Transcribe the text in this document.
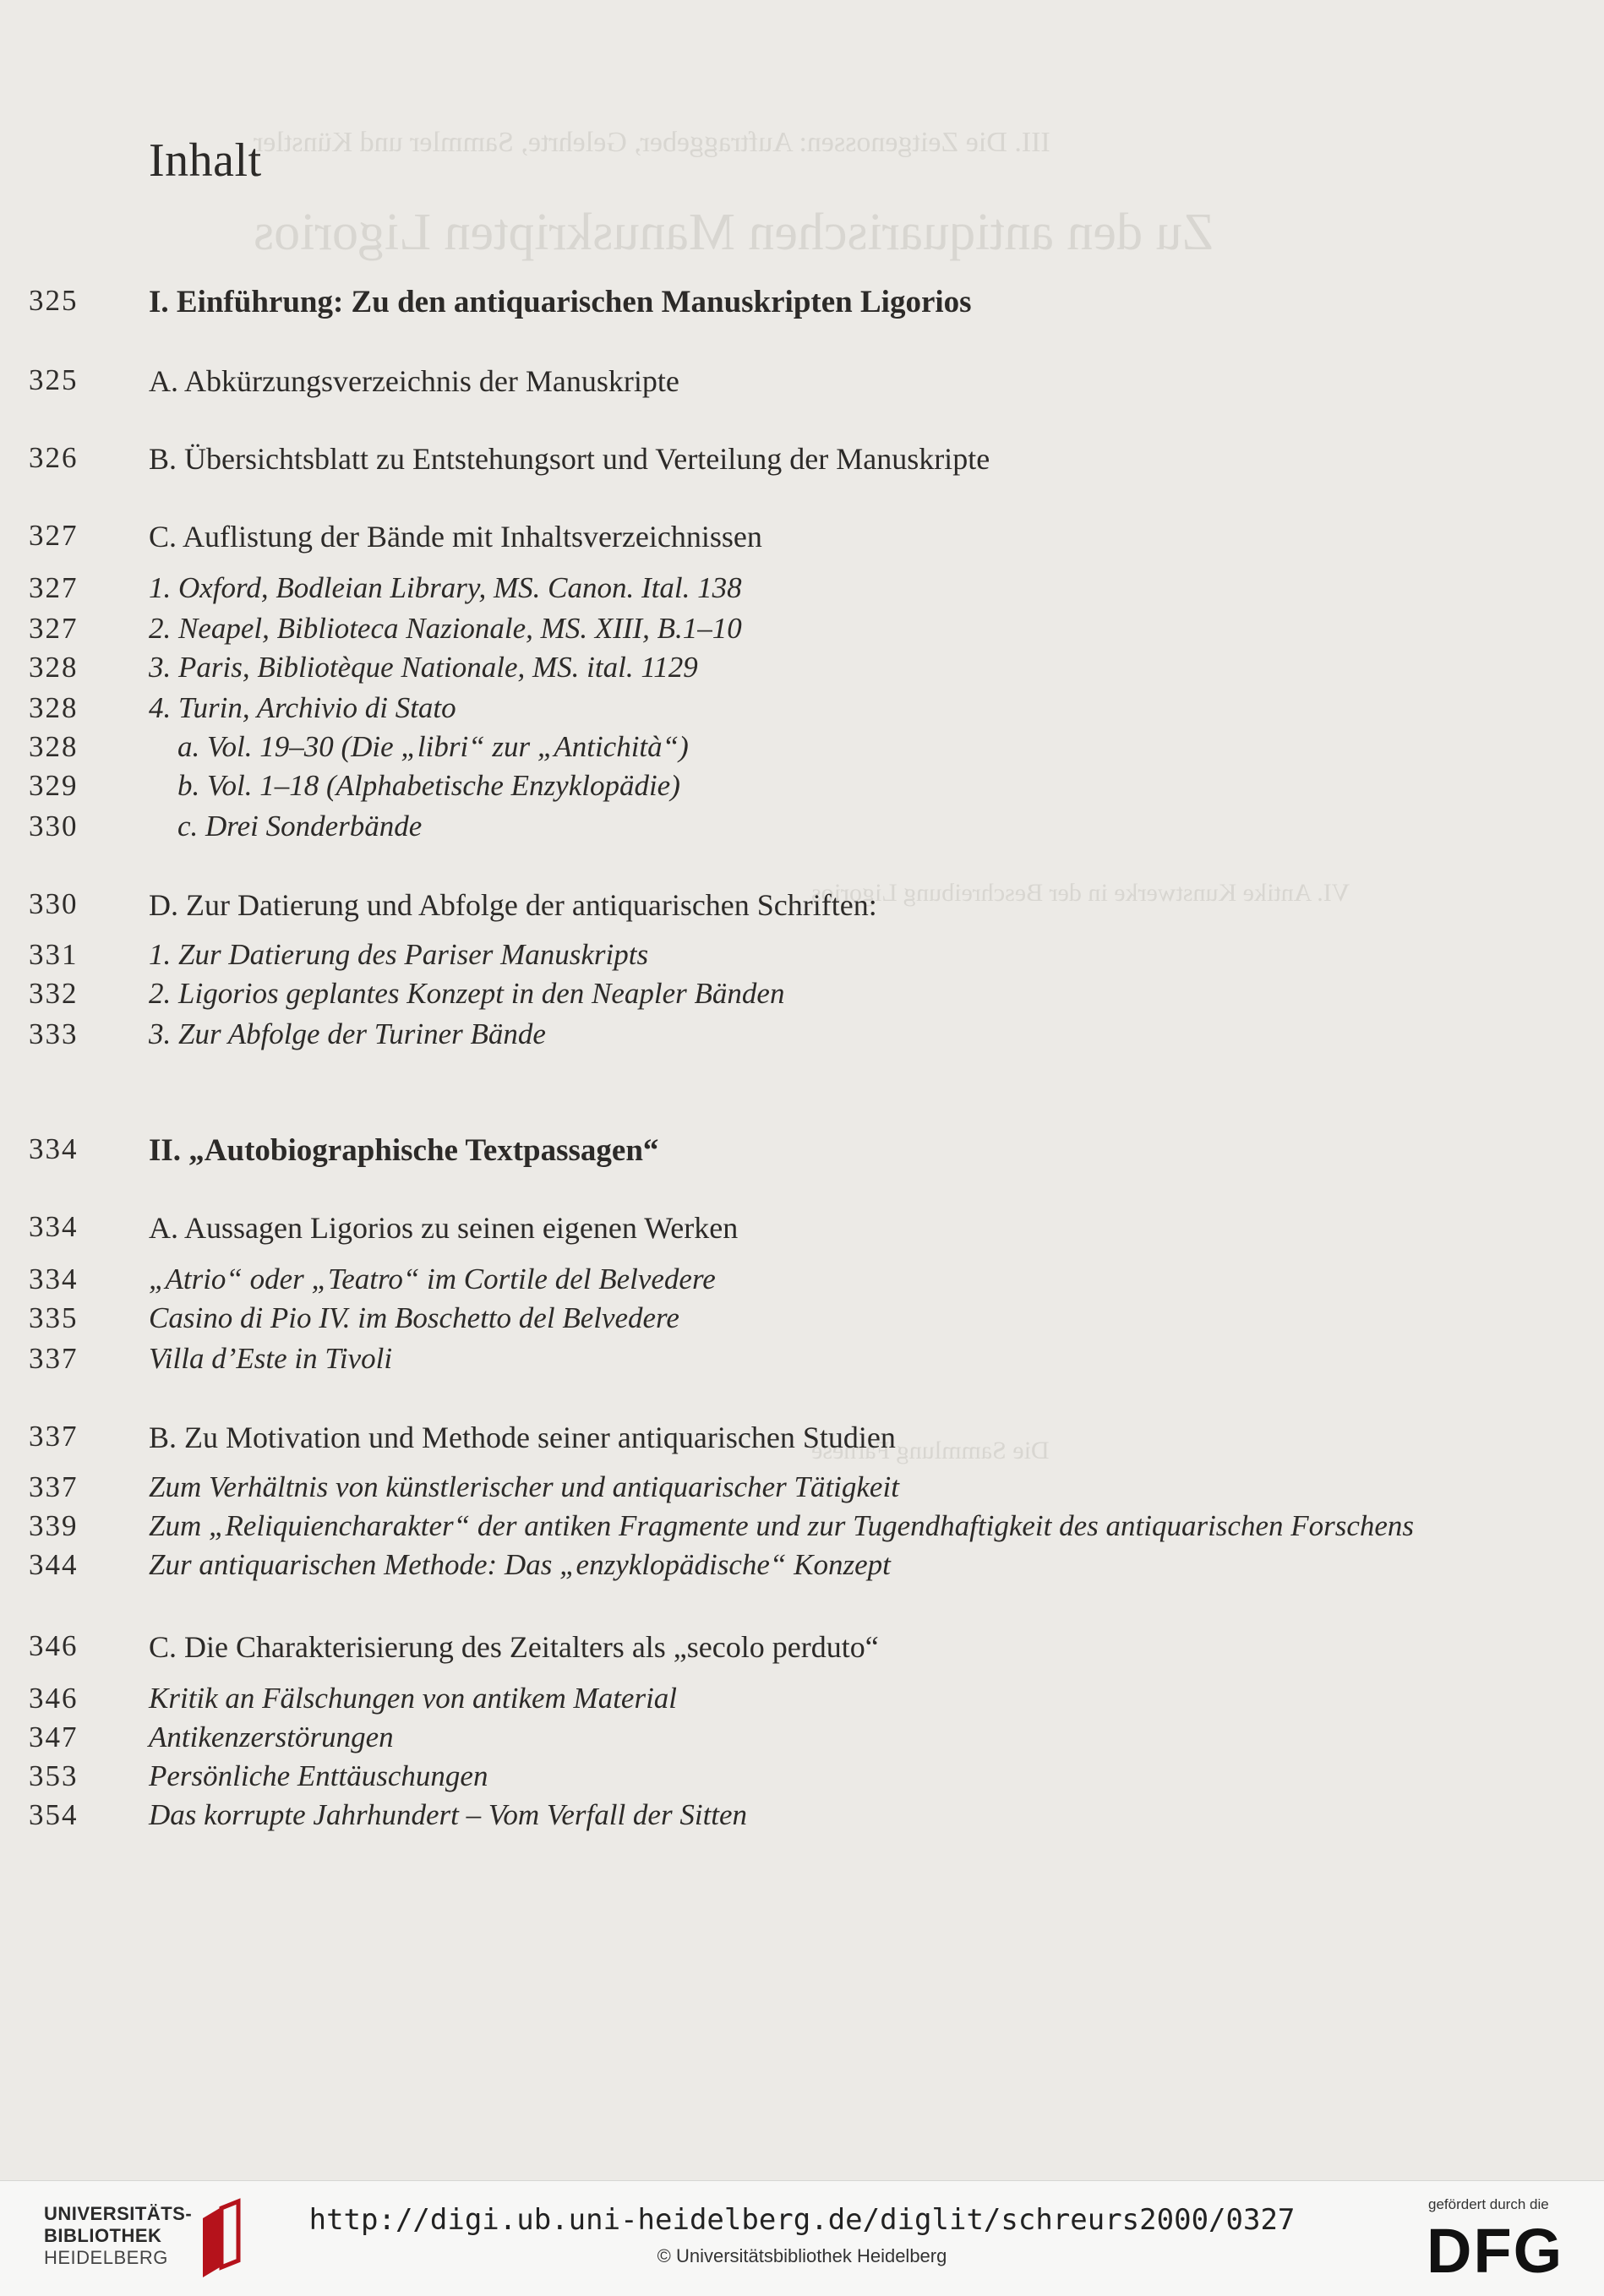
III. Die Zeitgenossen: Auftraggeber, Gelehrte, Sammler und Künstler
Zu den antiquarischen Manuskripten Ligorios
VI. Antike Kunstwerke in der Beschreibung Ligorios
Die Sammlung Farnese
Inhalt
325	I. Einführung: Zu den antiquarischen Manuskripten Ligorios
325	A. Abkürzungsverzeichnis der Manuskripte
326	B. Übersichtsblatt zu Entstehungsort und Verteilung der Manuskripte
327	C. Auflistung der Bände mit Inhaltsverzeichnissen
327	1. Oxford, Bodleian Library, MS. Canon. Ital. 138
327	2. Neapel, Biblioteca Nazionale, MS. XIII, B.1–10
328	3. Paris, Bibliotèque Nationale, MS. ital. 1129
328	4. Turin, Archivio di Stato
328	a. Vol. 19–30 (Die „libri“ zur „Antichità“)
329	b. Vol. 1–18 (Alphabetische Enzyklopädie)
330	c. Drei Sonderbände
330	D. Zur Datierung und Abfolge der antiquarischen Schriften:
331	1. Zur Datierung des Pariser Manuskripts
332	2. Ligorios geplantes Konzept in den Neapler Bänden
333	3. Zur Abfolge der Turiner Bände
334	II. „Autobiographische Textpassagen“
334	A. Aussagen Ligorios zu seinen eigenen Werken
334	„Atrio“ oder „Teatro“ im Cortile del Belvedere
335	Casino di Pio IV. im Boschetto del Belvedere
337	Villa d’Este in Tivoli
337	B. Zu Motivation und Methode seiner antiquarischen Studien
337	Zum Verhältnis von künstlerischer und antiquarischer Tätigkeit
339	Zum „Reliquiencharakter“ der antiken Fragmente und zur Tugendhaftigkeit des antiquarischen Forschens
344	Zur antiquarischen Methode: Das „enzyklopädische“ Konzept
346	C. Die Charakterisierung des Zeitalters als „secolo perduto“
346	Kritik an Fälschungen von antikem Material
347	Antikenzerstörungen
353	Persönliche Enttäuschungen
354	Das korrupte Jahrhundert – Vom Verfall der Sitten
UNIVERSITÄTS-
BIBLIOTHEK
HEIDELBERG
http://digi.ub.uni-heidelberg.de/diglit/schreurs2000/0327
© Universitätsbibliothek Heidelberg
gefördert durch die
DFG
